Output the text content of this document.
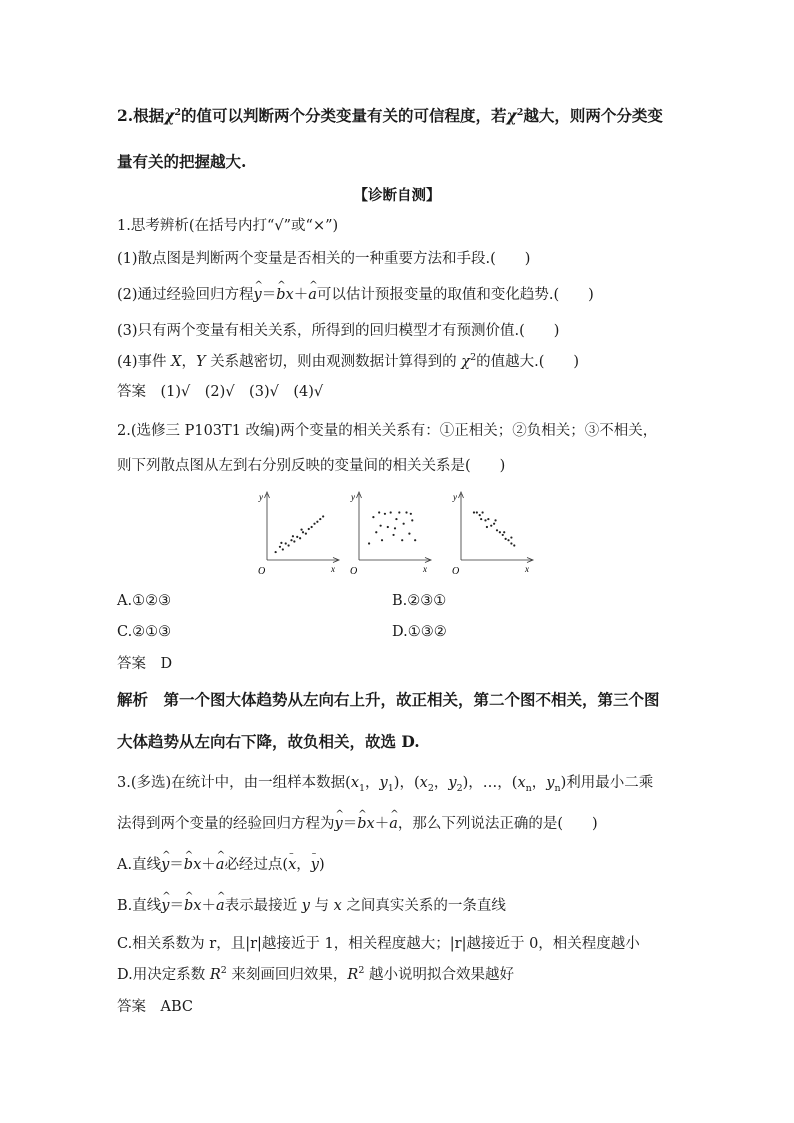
2.根据$\chi^2$的值可以判断两个分类变量有关的可信程度，若$\chi^2$越大，则两个分类变
量有关的把握越大.
【诊断自测】
1.思考辨析(在括号内打“√”或“×”)
(1)散点图是判断两个变量是否相关的一种重要方法和手段.(　　)
(2)通过经验回归方程^ y＝^ bx＋^ a可以估计预报变量的取值和变化趋势.(　　)
(3)只有两个变量有相关关系，所得到的回归模型才有预测价值.(　　)
(4)事件 X，Y 关系越密切，则由观测数据计算得到的 $\chi^2$的值越大.(　　)
答案　 (1)√　(2)√　(3)√　(4)√
2.(选修三 P103T1 改编)两个变量的相关关系有：①正相关；②负相关；③不相关，
则下列散点图从左到右分别反映的变量间的相关关系是(　　)
y
x
O
y
x
O
y
x
O
A.①②③	B.②③①
C.②①③	D.①③②
答案　 D
解析　 第一个图大体趋势从左向右上升，故正相关，第二个图不相关，第三个图
大体趋势从左向右下降，故负相关，故选 D.
3.(多选)在统计中，由一组样本数据($x_1$，$y_1$)，($x_2$，$y_2$)，…，($x_n$，$y_n$)利用最小二乘
法得到两个变量的经验回归方程为^ y＝^ bx＋^ a，那么下列说法正确的是(　　)
A.直线^ y＝^ bx＋^ a必经过点(– x，– y)
B.直线^ y＝^ bx＋^ a表示最接近 y 与 x 之间真实关系的一条直线
C.相关系数为 r，且|r|越接近于 1，相关程度越大；|r|越接近于 0，相关程度越小
D.用决定系数 $R^2$ 来刻画回归效果，$R^2$ 越小说明拟合效果越好
答案　 ABC
